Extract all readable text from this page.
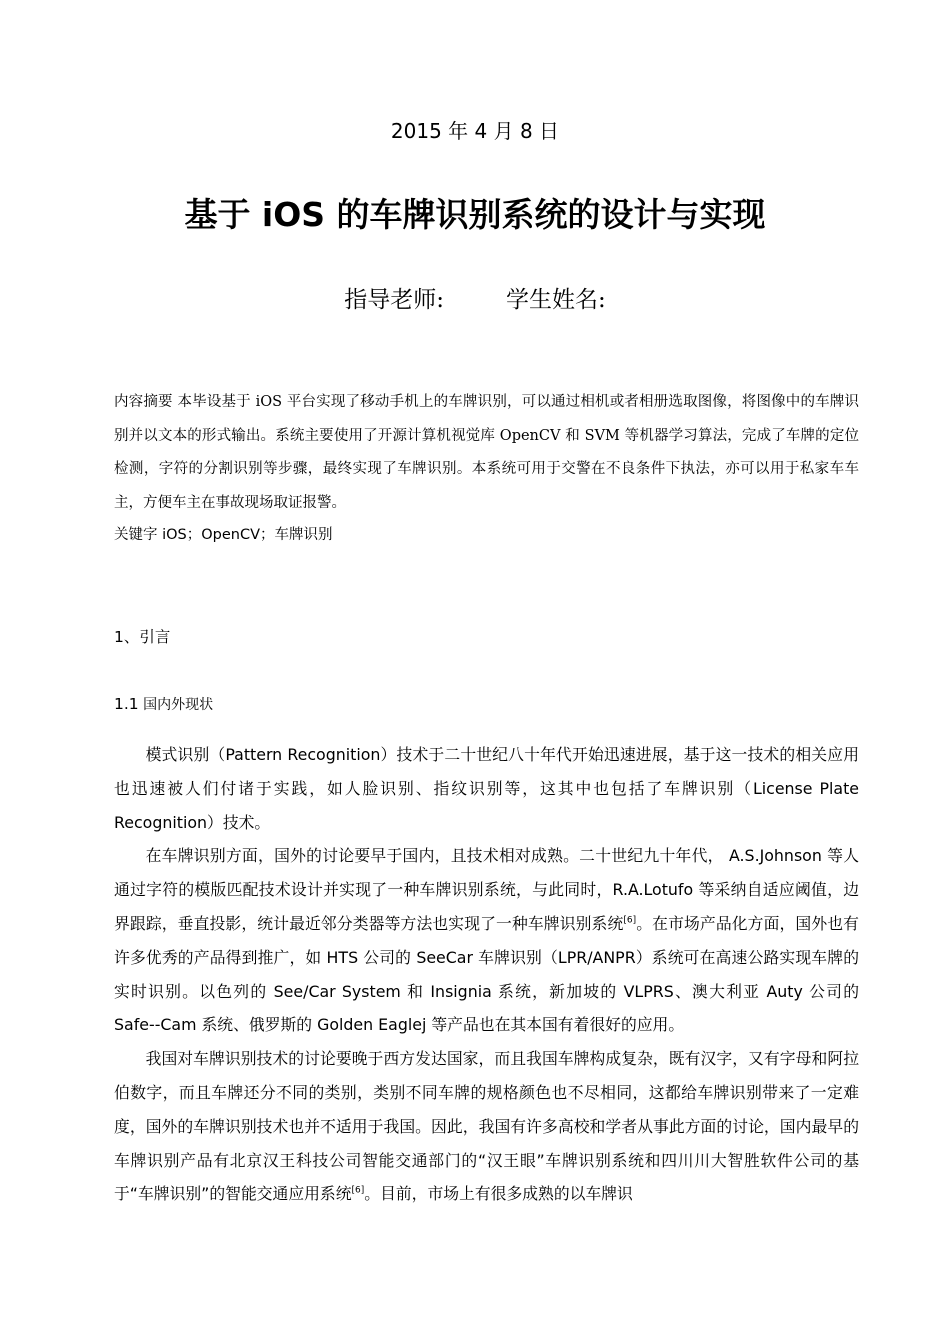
2015 年 4 月 8 日
基于 iOS 的车牌识别系统的设计与实现
指导老师:	学生姓名:
内容摘要 本毕设基于 iOS 平台实现了移动手机上的车牌识别，可以通过相机或者相册选取图像，将图像中的车牌识别并以文本的形式输出。系统主要使用了开源计算机视觉库 OpenCV 和 SVM 等机器学习算法，完成了车牌的定位检测，字符的分割识别等步骤，最终实现了车牌识别。本系统可用于交警在不良条件下执法，亦可以用于私家车车主，方便车主在事故现场取证报警。
关键字 iOS；OpenCV；车牌识别
1、引言
1.1 国内外现状

模式识别（Pattern Recognition）技术于二十世纪八十年代开始迅速进展，基于这一技术的相关应用也迅速被人们付诸于实践，如人脸识别、指纹识别等，这其中也包括了车牌识别（License Plate Recognition）技术。

在车牌识别方面，国外的讨论要早于国内，且技术相对成熟。二十世纪九十年代， A.S.Johnson 等人通过字符的模版匹配技术设计并实现了一种车牌识别系统，与此同时，R.A.Lotufo 等采纳自适应阈值，边界跟踪，垂直投影，统计最近邻分类器等方法也实现了一种车牌识别系统[6]。在市场产品化方面，国外也有许多优秀的产品得到推广，如 HTS 公司的 SeeCar 车牌识别（LPR/ANPR）系统可在高速公路实现车牌的实时识别。以色列的 See/Car System 和 Insignia 系统，新加坡的 VLPRS、澳大利亚 Auty 公司的 Safe--Cam 系统、俄罗斯的 Golden Eaglej 等产品也在其本国有着很好的应用。

我国对车牌识别技术的讨论要晚于西方发达国家，而且我国车牌构成复杂，既有汉字，又有字母和阿拉伯数字，而且车牌还分不同的类别，类别不同车牌的规格颜色也不尽相同，这都给车牌识别带来了一定难度，国外的车牌识别技术也并不适用于我国。因此，我国有许多高校和学者从事此方面的讨论，国内最早的车牌识别产品有北京汉王科技公司智能交通部门的“汉王眼”车牌识别系统和四川川大智胜软件公司的基于“车牌识别”的智能交通应用系统[6]。目前，市场上有很多成熟的以车牌识
